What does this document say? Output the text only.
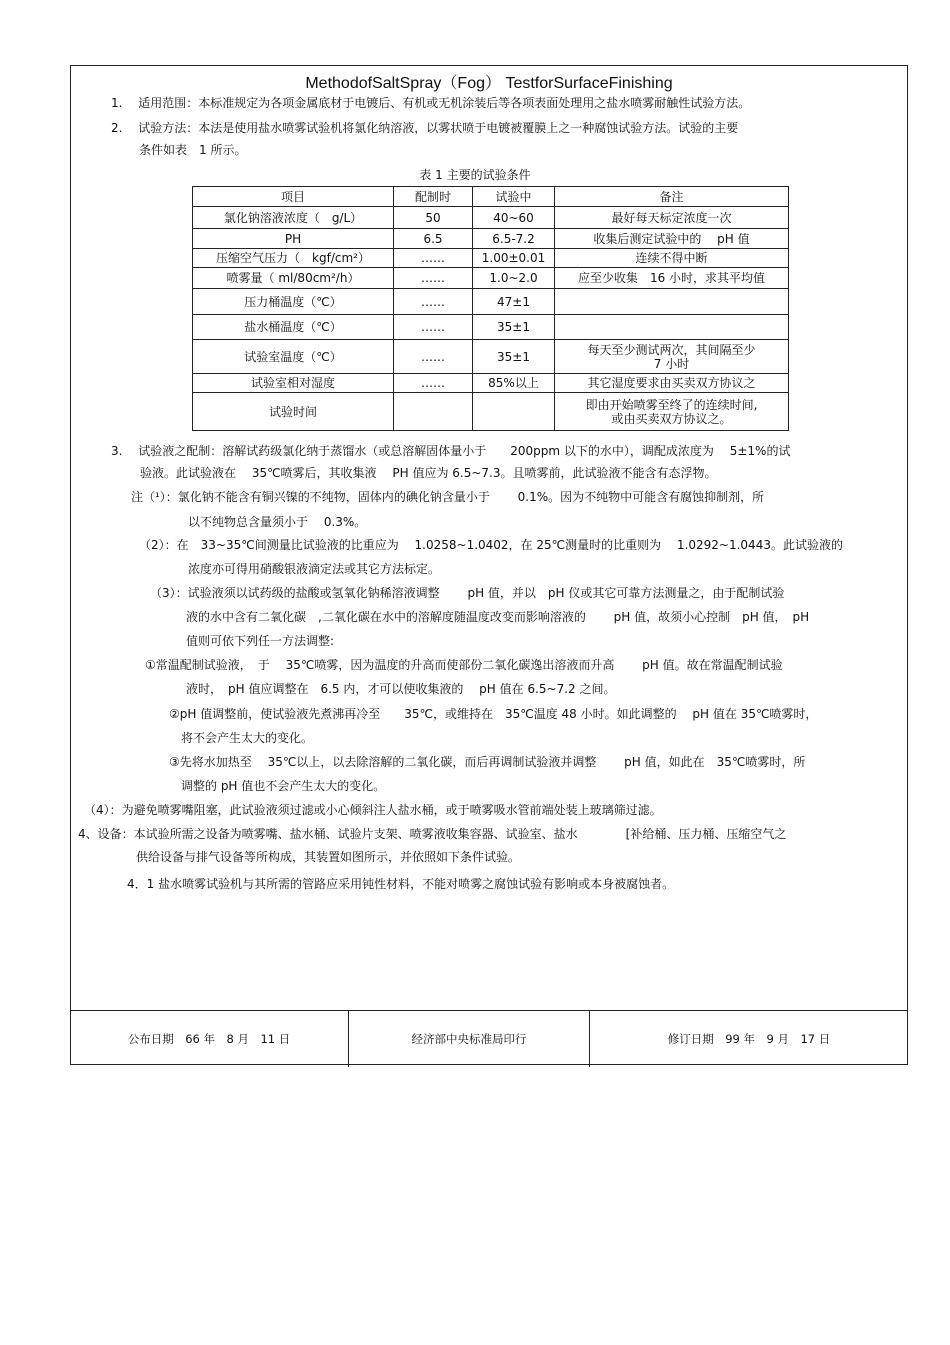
MethodofSaltSpray（Fog） TestforSurfaceFinishing
1.　 适用范围：本标准规定为各项金属底材于电镀后、有机或无机涂装后等各项表面处理用之盐水喷雾耐触性试验方法。
2.　 试验方法：本法是使用盐水喷雾试验机将氯化纳溶液，以雾状喷于电镀被覆膜上之一种腐蚀试验方法。试验的主要
条件如表　1 所示。
表 1 主要的试验条件
项目	配制时	试验中	备注
氯化钠溶液浓度（　g/L）	50	40~60	最好每天标定浓度一次
PH	6.5	6.5-7.2	收集后测定试验中的　 pH 值
压缩空气压力（　kgf/cm²）	……	1.00±0.01	连续不得中断
喷雾量（ ml/80cm²/h）	……	1.0~2.0	应至少收集　16 小时，求其平均值
压力桶温度（℃）	……	47±1	
盐水桶温度（℃）	……	35±1	
试验室温度（℃）	……	35±1	每天至少测试两次，其间隔至少
7 小时
试验室相对湿度	……	85%以上	其它湿度要求由买卖双方协议之
试验时间			即由开始喷雾至终了的连续时间,
或由买卖双方协议之。
3.　 试验液之配制：溶解试药级氯化纳于蒸馏水（或总溶解固体量小于　　200ppm 以下的水中），调配成浓度为　 5±1%的试
验液。此试验液在　 35℃喷雾后，其收集液　 PH 值应为 6.5~7.3。且喷雾前，此试验液不能含有态浮物。
注（¹）：氯化钠不能含有铜兴镍的不纯物，固体内的碘化钠含量小于　　 0.1%。因为不纯物中可能含有腐蚀抑制剂，所
以不纯物总含量须小于　 0.3%。
（2）：在　33~35℃间测量比试验液的比重应为　 1.0258~1.0402，在 25℃测量时的比重则为　 1.0292~1.0443。此试验液的
浓度亦可得用硝酸银液滴定法或其它方法标定。
（3）：试验液须以试药级的盐酸或氢氧化钠稀溶液调整　　 pH 值，并以　pH 仪或其它可靠方法测量之，由于配制试验
液的水中含有二氧化碳　,二氧化碳在水中的溶解度随温度改变而影响溶液的　　 pH 值，故须小心控制　pH 值，　pH
值则可依下列任一方法调整:
①常温配制试验液，　于　 35℃喷雾，因为温度的升高而使部份二氧化碳逸出溶液而升高　　 pH 值。故在常温配制试验
液时，　pH 值应调整在　6.5 内，才可以使收集液的　 pH 值在 6.5~7.2 之间。
②pH 值调整前，使试验液先煮沸再冷至　　35℃，或维持在　35℃温度 48 小时。如此调整的　 pH 值在 35℃喷雾时，
将不会产生太大的变化。
③先将水加热至　 35℃以上，以去除溶解的二氧化碳，而后再调制试验液并调整　　 pH 值，如此在　35℃喷雾时，所
调整的 pH 值也不会产生太大的变化。
（4）：为避免喷雾嘴阻塞，此试验液须过滤或小心倾斜注人盐水桶，或于喷雾吸水管前端处装上玻璃筛过滤。
4、设备：本试验所需之设备为喷雾嘴、盐水桶、试验片支架、喷雾液收集容器、试验室、盐水　　　　[补给桶、压力桶、压缩空气之
供给设备与排气设备等所构成，其装置如图所示，并依照如下条件试验。
4．1 盐水喷雾试验机与其所需的管路应采用钝性材料，不能对喷雾之腐蚀试验有影响或本身被腐蚀者。
公布日期　66 年　8 月　11 日	经济部中央标准局印行	修订日期　99 年　9 月　17 日
